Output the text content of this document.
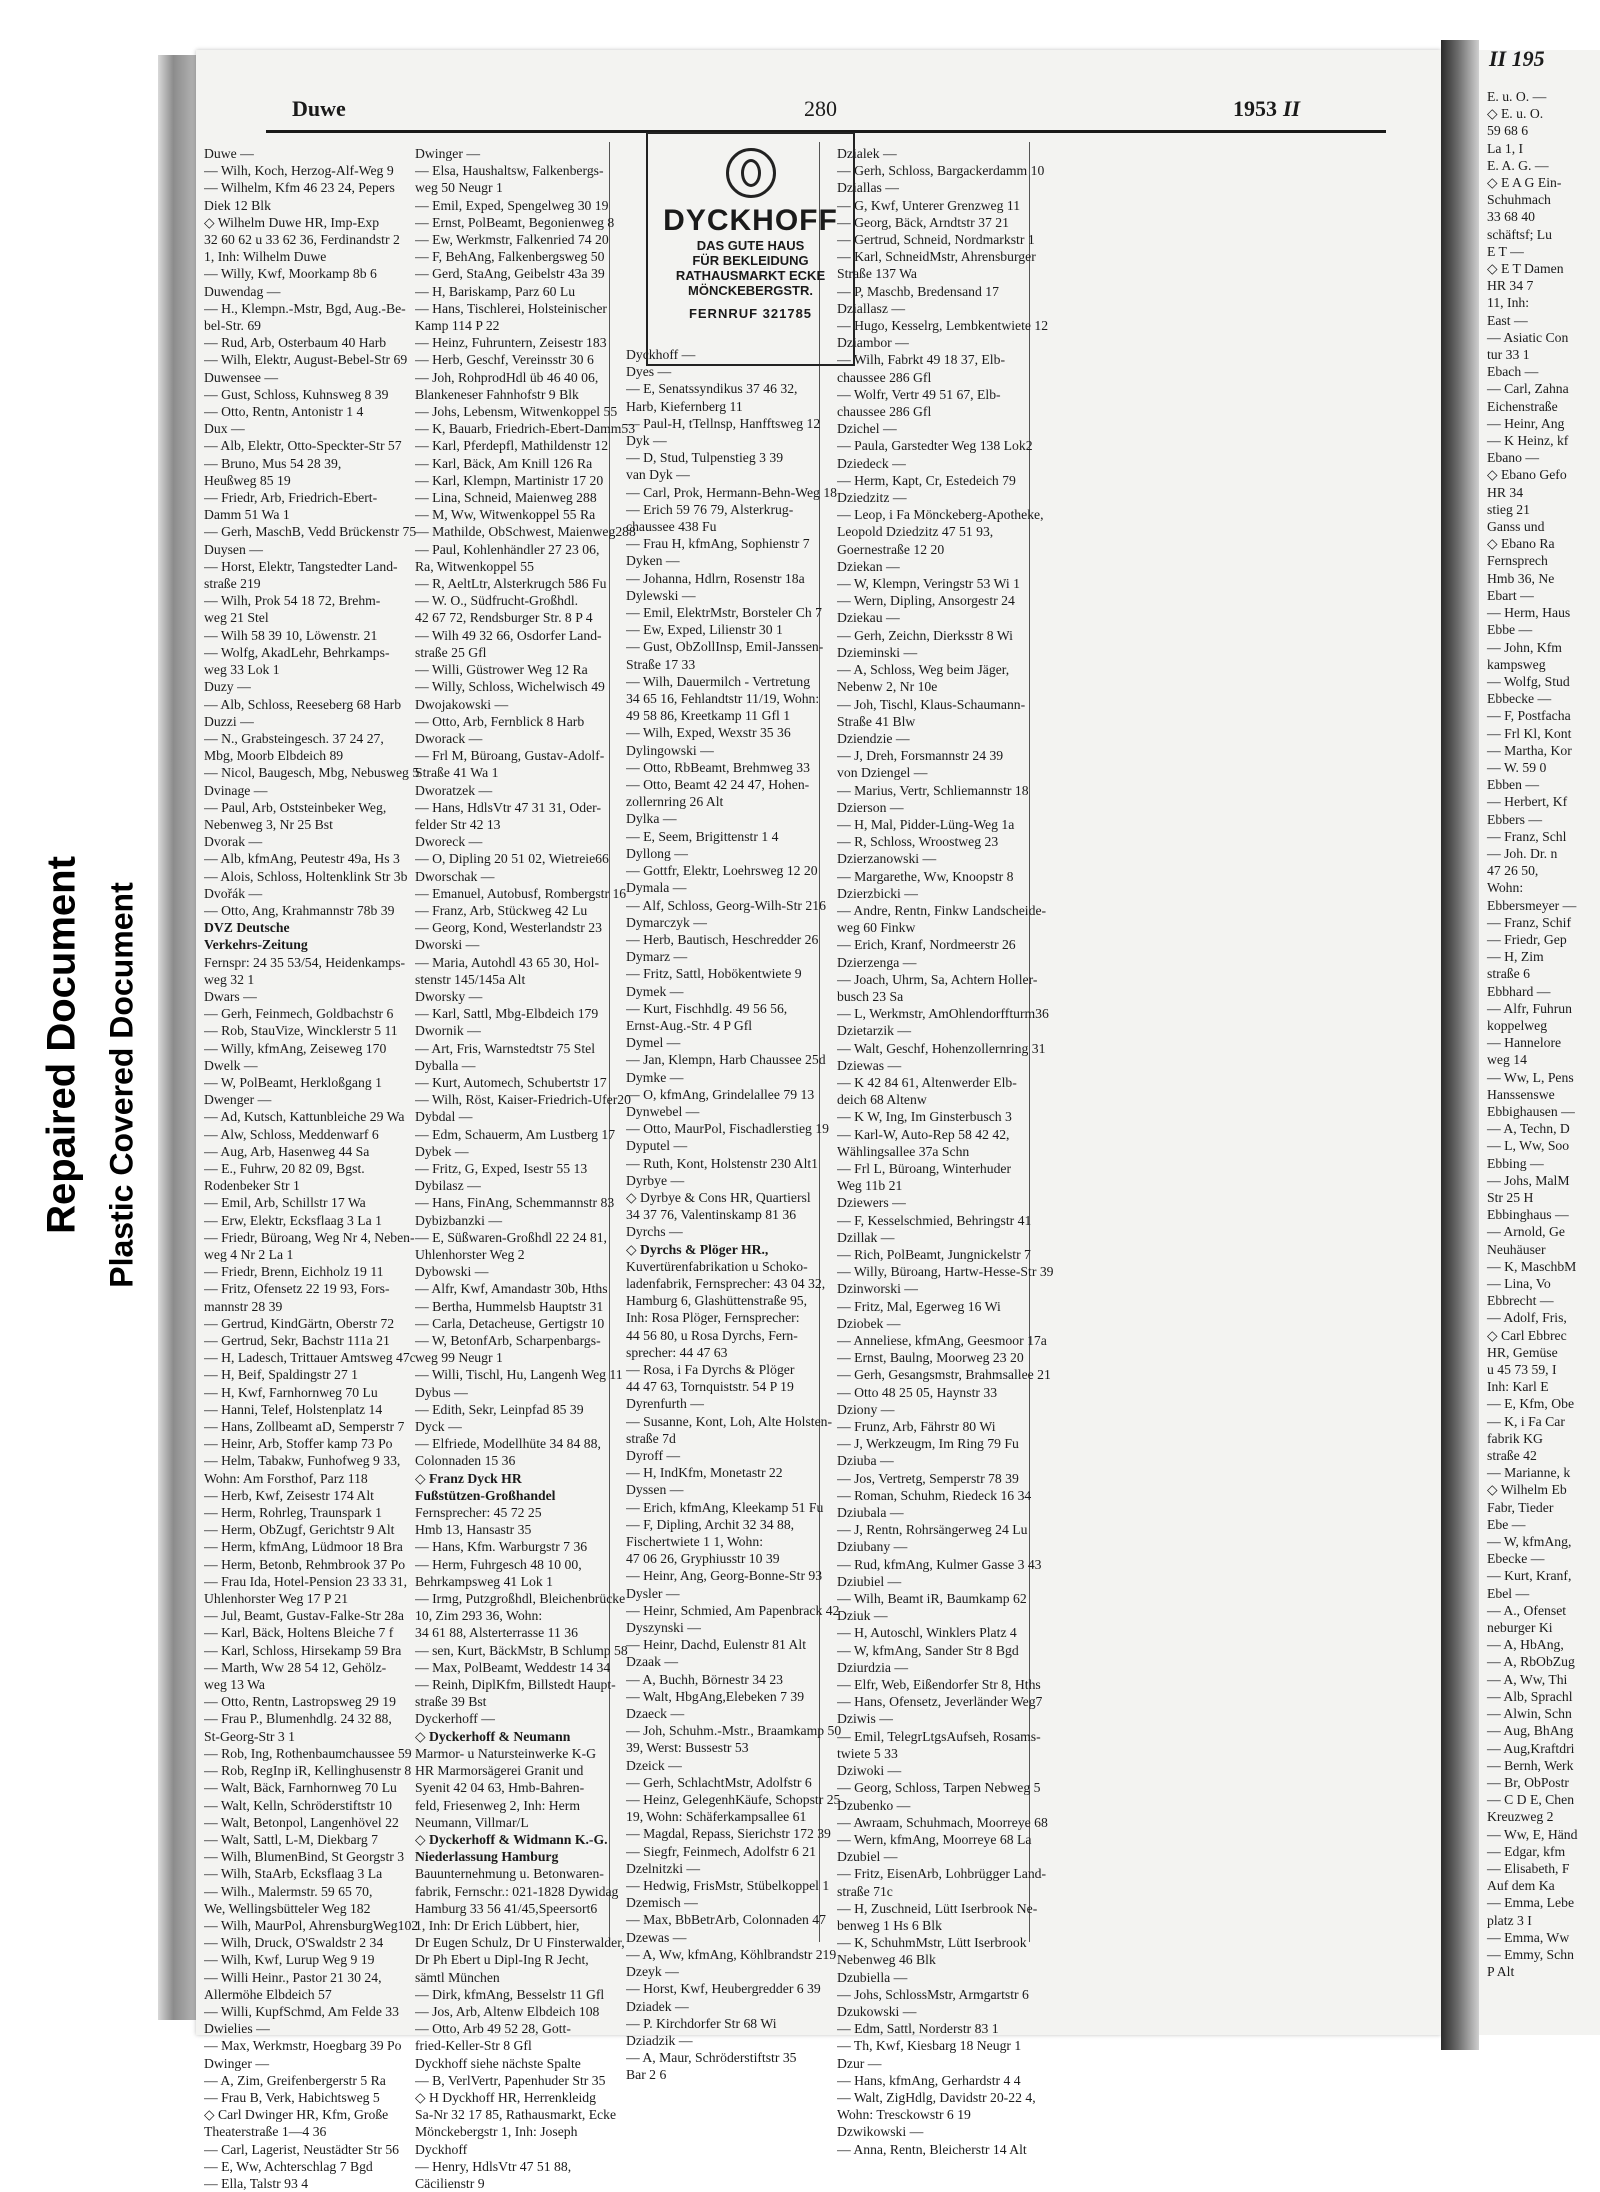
Repaired Document Plastic Covered Document
Duwe	280	1953 II
Duwe —
— Wilh, Koch, Herzog-Alf-Weg 9
— Wilhelm, Kfm 46 23 24, Pepers
Diek 12 Blk
◇ Wilhelm Duwe HR, Imp-Exp
32 60 62 u 33 62 36, Ferdinandstr 2
1, Inh: Wilhelm Duwe
— Willy, Kwf, Moorkamp 8b 6
Duwendag —
— H., Klempn.-Mstr, Bgd, Aug.-Be-
bel-Str. 69
— Rud, Arb, Osterbaum 40 Harb
— Wilh, Elektr, August-Bebel-Str 69
Duwensee —
— Gust, Schloss, Kuhnsweg 8 39
— Otto, Rentn, Antonistr 1 4
Dux —
— Alb, Elektr, Otto-Speckter-Str 57
— Bruno, Mus 54 28 39,
Heußweg 85 19
— Friedr, Arb, Friedrich-Ebert-
Damm 51 Wa 1
— Gerh, MaschB, Vedd Brückenstr 75
Duysen —
— Horst, Elektr, Tangstedter Land-
straße 219
— Wilh, Prok 54 18 72, Brehm-
weg 21 Stel
— Wilh 58 39 10, Löwenstr. 21
— Wolfg, AkadLehr, Behrkamps-
weg 33 Lok 1
Duzy —
— Alb, Schloss, Reeseberg 68 Harb
Duzzi —
— N., Grabsteingesch. 37 24 27,
Mbg, Moorb Elbdeich 89
— Nicol, Baugesch, Mbg, Nebusweg 5
Dvinage —
— Paul, Arb, Oststeinbeker Weg,
Nebenweg 3, Nr 25 Bst
Dvorak —
— Alb, kfmAng, Peutestr 49a, Hs 3
— Alois, Schloss, Holtenklink Str 3b
Dvořák —
— Otto, Ang, Krahmannstr 78b 39
DVZ Deutsche
Verkehrs-Zeitung
Fernspr: 24 35 53/54, Heidenkamps-
weg 32 1
Dwars —
— Gerh, Feinmech, Goldbachstr 6
— Rob, StauVize, Wincklerstr 5 11
— Willy, kfmAng, Zeiseweg 170
Dwelk —
— W, PolBeamt, Herkloßgang 1
Dwenger —
— Ad, Kutsch, Kattunbleiche 29 Wa
— Alw, Schloss, Meddenwarf 6
— Aug, Arb, Hasenweg 44 Sa
— E., Fuhrw, 20 82 09, Bgst.
Rodenbeker Str 1
— Emil, Arb, Schillstr 17 Wa
— Erw, Elektr, Ecksflaag 3 La 1
— Friedr, Büroang, Weg Nr 4, Neben-
weg 4 Nr 2 La 1
— Friedr, Brenn, Eichholz 19 11
— Fritz, Ofensetz 22 19 93, Fors-
mannstr 28 39
— Gertrud, KindGärtn, Oberstr 72
— Gertrud, Sekr, Bachstr 111a 21
— H, Ladesch, Trittauer Amtsweg 47c
— H, Beif, Spaldingstr 27 1
— H, Kwf, Farnhornweg 70 Lu
— Hanni, Telef, Holstenplatz 14
— Hans, Zollbeamt aD, Semperstr 7
— Heinr, Arb, Stoffer kamp 73 Po
— Helm, Tabakw, Funhofweg 9 33,
Wohn: Am Forsthof, Parz 118
— Herb, Kwf, Zeisestr 174 Alt
— Herm, Rohrleg, Traunspark 1
— Herm, ObZugf, Gerichtstr 9 Alt
— Herm, kfmAng, Lüdmoor 18 Bra
— Herm, Betonb, Rehmbrook 37 Po
— Frau Ida, Hotel-Pension 23 33 31,
Uhlenhorster Weg 17 P 21
— Jul, Beamt, Gustav-Falke-Str 28a
— Karl, Bäck, Holtens Bleiche 7 f
— Karl, Schloss, Hirsekamp 59 Bra
— Marth, Ww 28 54 12, Gehölz-
weg 13 Wa
— Otto, Rentn, Lastropsweg 29 19
— Frau P., Blumenhdlg. 24 32 88,
St-Georg-Str 3 1
— Rob, Ing, Rothenbaumchaussee 59
— Rob, RegInp iR, Kellinghusenstr 8
— Walt, Bäck, Farnhornweg 70 Lu
— Walt, Kelln, Schröderstiftstr 10
— Walt, Betonpol, Langenhövel 22
— Walt, Sattl, L-M, Diekbarg 7
— Wilh, BlumenBind, St Georgstr 3
— Wilh, StaArb, Ecksflaag 3 La
— Wilh., Malermstr. 59 65 70,
We, Wellingsbütteler Weg 182
— Wilh, MaurPol, AhrensburgWeg102
— Wilh, Druck, O'Swaldstr 2 34
— Wilh, Kwf, Lurup Weg 9 19
— Willi Heinr., Pastor 21 30 24,
Allermöhe Elbdeich 57
— Willi, KupfSchmd, Am Felde 33
Dwielies —
— Max, Werkmstr, Hoegbarg 39 Po
Dwinger —
— A, Zim, Greifenbergerstr 5 Ra
— Frau B, Verk, Habichtsweg 5
◇ Carl Dwinger HR, Kfm, Große
Theaterstraße 1—4 36
— Carl, Lagerist, Neustädter Str 56
— E, Ww, Achterschlag 7 Bgd
— Ella, Talstr 93 4
Dwinger —
— Elsa, Haushaltsw, Falkenbergs-
weg 50 Neugr 1
— Emil, Exped, Spengelweg 30 19
— Ernst, PolBeamt, Begonienweg 8
— Ew, Werkmstr, Falkenried 74 20
— F, BehAng, Falkenbergsweg 50
— Gerd, StaAng, Geibelstr 43a 39
— H, Bariskamp, Parz 60 Lu
— Hans, Tischlerei, Holsteinischer
Kamp 114 P 22
— Heinz, Fuhruntern, Zeisestr 183
— Herb, Geschf, Vereinsstr 30 6
— Joh, RohprodHdl üb 46 40 06,
Blankeneser Fahnhofstr 9 Blk
— Johs, Lebensm, Witwenkoppel 55
— K, Bauarb, Friedrich-Ebert-Damm53
— Karl, Pferdepfl, Mathildenstr 12
— Karl, Bäck, Am Knill 126 Ra
— Karl, Klempn, Martinistr 17 20
— Lina, Schneid, Maienweg 288
— M, Ww, Witwenkoppel 55 Ra
— Mathilde, ObSchwest, Maienweg288
— Paul, Kohlenhändler 27 23 06,
Ra, Witwenkoppel 55
— R, AeltLtr, Alsterkrugch 586 Fu
— W. O., Südfrucht-Großhdl.
42 67 72, Rendsburger Str. 8 P 4
— Wilh 49 32 66, Osdorfer Land-
straße 25 Gfl
— Willi, Güstrower Weg 12 Ra
— Willy, Schloss, Wichelwisch 49
Dwojakowski —
— Otto, Arb, Fernblick 8 Harb
Dworack —
— Frl M, Büroang, Gustav-Adolf-
Straße 41 Wa 1
Dworatzek —
— Hans, HdlsVtr 47 31 31, Oder-
felder Str 42 13
Dworeck —
— O, Dipling 20 51 02, Wietreie66
Dworschak —
— Emanuel, Autobusf, Rombergstr 16
— Franz, Arb, Stückweg 42 Lu
— Georg, Kond, Westerlandstr 23
Dworski —
— Maria, Autohdl 43 65 30, Hol-
stenstr 145/145a Alt
Dworsky —
— Karl, Sattl, Mbg-Elbdeich 179
Dwornik —
— Art, Fris, Warnstedtstr 75 Stel
Dyballa —
— Kurt, Automech, Schubertstr 17
— Wilh, Röst, Kaiser-Friedrich-Ufer20
Dybdal —
— Edm, Schauerm, Am Lustberg 17
Dybek —
— Fritz, G, Exped, Isestr 55 13
Dybilasz —
— Hans, FinAng, Schemmannstr 83
Dybizbanzki —
— E, Süßwaren-Großhdl 22 24 81,
Uhlenhorster Weg 2
Dybowski —
— Alfr, Kwf, Amandastr 30b, Hths
— Bertha, Hummelsb Hauptstr 31
— Carla, Detacheuse, Gertigstr 10
— W, BetonfArb, Scharpenbargs-
weg 99 Neugr 1
— Willi, Tischl, Hu, Langenh Weg 11
Dybus —
— Edith, Sekr, Leinpfad 85 39
Dyck —
— Elfriede, Modellhüte 34 84 88,
Colonnaden 15 36
◇ Franz Dyck HR
Fußstützen-Großhandel
Fernsprecher: 45 72 25
Hmb 13, Hansastr 35
— Hans, Kfm. Warburgstr 7 36
— Herm, Fuhrgesch 48 10 00,
Behrkampsweg 41 Lok 1
— Irmg, Putzgroßhdl, Bleichenbrücke
10, Zim 293 36, Wohn:
34 61 88, Alsterterrasse 11 36
— sen, Kurt, BäckMstr, B Schlump 58
— Max, PolBeamt, Weddestr 14 34
— Reinh, DiplKfm, Billstedt Haupt-
straße 39 Bst
Dyckerhoff —
◇ Dyckerhoff & Neumann
Marmor- u Natursteinwerke K-G
HR Marmorsägerei Granit und
Syenit 42 04 63, Hmb-Bahren-
feld, Friesenweg 2, Inh: Herm
Neumann, Villmar/L
◇ Dyckerhoff & Widmann K.-G.
Niederlassung Hamburg
Bauunternehmung u. Betonwaren-
fabrik, Fernschr.: 021-1828 Dywidag
Hamburg 33 56 41/45,Speersort6
1, Inh: Dr Erich Lübbert, hier,
Dr Eugen Schulz, Dr U Finsterwalder,
Dr Ph Ebert u Dipl-Ing R Jecht,
sämtl München
— Dirk, kfmAng, Besselstr 11 Gfl
— Jos, Arb, Altenw Elbdeich 108
— Otto, Arb 49 52 28, Gott-
fried-Keller-Str 8 Gfl
Dyckhoff siehe nächste Spalte
— B, VerlVertr, Papenhuder Str 35
◇ H Dyckhoff HR, Herrenkleidg
Sa-Nr 32 17 85, Rathausmarkt, Ecke
Mönckebergstr 1, Inh: Joseph
Dyckhoff
— Henry, HdlsVtr 47 51 88,
Cäcilienstr 9
Dyckhoff —
Dyes —
— E, Senatssyndikus 37 46 32,
Harb, Kiefernberg 11
— Paul-H, tTellnsp, Hanfftsweg 12
Dyk —
— D, Stud, Tulpenstieg 3 39
van Dyk —
— Carl, Prok, Hermann-Behn-Weg 18
— Erich 59 76 79, Alsterkrug-
chaussee 438 Fu
— Frau H, kfmAng, Sophienstr 7
Dyken —
— Johanna, Hdlrn, Rosenstr 18a
Dylewski —
— Emil, ElektrMstr, Borsteler Ch 7
— Ew, Exped, Lilienstr 30 1
— Gust, ObZollInsp, Emil-Janssen-
Straße 17 33
— Wilh, Dauermilch - Vertretung
34 65 16, Fehlandtstr 11/19, Wohn:
49 58 86, Kreetkamp 11 Gfl 1
— Wilh, Exped, Wexstr 35 36
Dylingowski —
— Otto, RbBeamt, Brehmweg 33
— Otto, Beamt 42 24 47, Hohen-
zollernring 26 Alt
Dylka —
— E, Seem, Brigittenstr 1 4
Dyllong —
— Gottfr, Elektr, Loehrsweg 12 20
Dymala —
— Alf, Schloss, Georg-Wilh-Str 216
Dymarczyk —
— Herb, Bautisch, Heschredder 26
Dymarz —
— Fritz, Sattl, Hobökentwiete 9
Dymek —
— Kurt, Fischhdlg. 49 56 56,
Ernst-Aug.-Str. 4 P Gfl
Dymel —
— Jan, Klempn, Harb Chaussee 25d
Dymke —
— O, kfmAng, Grindelallee 79 13
Dynwebel —
— Otto, MaurPol, Fischadlerstieg 19
Dyputel —
— Ruth, Kont, Holstenstr 230 Alt1
Dyrbye —
◇ Dyrbye & Cons HR, Quartiersl
34 37 76, Valentinskamp 81 36
Dyrchs —
◇ Dyrchs & Plöger HR.,
Kuvertürenfabrikation u Schoko-
ladenfabrik, Fernsprecher: 43 04 32,
Hamburg 6, Glashüttenstraße 95,
Inh: Rosa Plöger, Fernsprecher:
44 56 80, u Rosa Dyrchs, Fern-
sprecher: 44 47 63
— Rosa, i Fa Dyrchs & Plöger
44 47 63, Tornquiststr. 54 P 19
Dyrenfurth —
— Susanne, Kont, Loh, Alte Holsten-
straße 7d
Dyroff —
— H, IndKfm, Monetastr 22
Dyssen —
— Erich, kfmAng, Kleekamp 51 Fu
— F, Dipling, Archit 32 34 88,
Fischertwiete 1 1, Wohn:
47 06 26, Gryphiusstr 10 39
— Heinr, Ang, Georg-Bonne-Str 93
Dysler —
— Heinr, Schmied, Am Papenbrack 42
Dyszynski —
— Heinr, Dachd, Eulenstr 81 Alt
Dzaak —
— A, Buchh, Börnestr 34 23
— Walt, HbgAng,Elebeken 7 39
Dzaeck —
— Joh, Schuhm.-Mstr., Braamkamp 50
39, Werst: Bussestr 53
Dzeick —
— Gerh, SchlachtMstr, Adolfstr 6
— Heinz, GelegenhKäufe, Schopstr 25
19, Wohn: Schäferkampsallee 61
— Magdal, Repass, Sierichstr 172 39
— Siegfr, Feinmech, Adolfstr 6 21
Dzelnitzki —
— Hedwig, FrisMstr, Stübelkoppel 1
Dzemisch —
— Max, BbBetrArb, Colonnaden 47
Dzewas —
— A, Ww, kfmAng, Köhlbrandstr 219
Dzeyk —
— Horst, Kwf, Heubergredder 6 39
Dziadek —
— P. Kirchdorfer Str 68 Wi
Dziadzik —
— A, Maur, Schröderstiftstr 35
Bar 2 6
Dzialek —
— Gerh, Schloss, Bargackerdamm 10
Dziallas —
— G, Kwf, Unterer Grenzweg 11
— Georg, Bäck, Arndtstr 37 21
— Gertrud, Schneid, Nordmarkstr 1
— Karl, SchneidMstr, Ahrensburger
Straße 137 Wa
— P, Maschb, Bredensand 17
Dziallasz —
— Hugo, Kesselrg, Lembkentwiete 12
Dziambor —
— Wilh, Fabrkt 49 18 37, Elb-
chaussee 286 Gfl
— Wolfr, Vertr 49 51 67, Elb-
chaussee 286 Gfl
Dzichel —
— Paula, Garstedter Weg 138 Lok2
Dziedeck —
— Herm, Kapt, Cr, Estedeich 79
Dziedzitz —
— Leop, i Fa Mönckeberg-Apotheke,
Leopold Dziedzitz 47 51 93,
Goernestraße 12 20
Dziekan —
— W, Klempn, Veringstr 53 Wi 1
— Wern, Dipling, Ansorgestr 24
Dziekau —
— Gerh, Zeichn, Dierksstr 8 Wi
Dzieminski —
— A, Schloss, Weg beim Jäger,
Nebenw 2, Nr 10e
— Joh, Tischl, Klaus-Schaumann-
Straße 41 Blw
Dziendzie —
— J, Dreh, Forsmannstr 24 39
von Dziengel —
— Marius, Vertr, Schliemannstr 18
Dzierson —
— H, Mal, Pidder-Lüng-Weg 1a
— R, Schloss, Wroostweg 23
Dzierzanowski —
— Margarethe, Ww, Knoopstr 8
Dzierzbicki —
— Andre, Rentn, Finkw Landscheide-
weg 60 Finkw
— Erich, Kranf, Nordmeerstr 26
Dzierzenga —
— Joach, Uhrm, Sa, Achtern Holler-
busch 23 Sa
— L, Werkmstr, AmOhlendorffturm36
Dzietarzik —
— Walt, Geschf, Hohenzollernring 31
Dziewas —
— K 42 84 61, Altenwerder Elb-
deich 68 Altenw
— K W, Ing, Im Ginsterbusch 3
— Karl-W, Auto-Rep 58 42 42,
Wählingsallee 37a Schn
— Frl L, Büroang, Winterhuder
Weg 11b 21
Dziewers —
— F, Kesselschmied, Behringstr 41
Dzillak —
— Rich, PolBeamt, Jungnickelstr 7
— Willy, Büroang, Hartw-Hesse-Str 39
Dzinworski —
— Fritz, Mal, Egerweg 16 Wi
Dziobek —
— Anneliese, kfmAng, Geesmoor 17a
— Ernst, Baulng, Moorweg 23 20
— Gerh, Gesangsmstr, Brahmsallee 21
— Otto 48 25 05, Haynstr 33
Dziony —
— Frunz, Arb, Fährstr 80 Wi
— J, Werkzeugm, Im Ring 79 Fu
Dziuba —
— Jos, Vertretg, Semperstr 78 39
— Roman, Schuhm, Riedeck 16 34
Dziubala —
— J, Rentn, Rohrsängerweg 24 Lu
Dziubany —
— Rud, kfmAng, Kulmer Gasse 3 43
Dziubiel —
— Wilh, Beamt iR, Baumkamp 62
Dziuk —
— H, Autoschl, Winklers Platz 4
— W, kfmAng, Sander Str 8 Bgd
Dziurdzia —
— Elfr, Web, Eißendorfer Str 8, Hths
— Hans, Ofensetz, Jeverländer Weg7
Dziwis —
— Emil, TelegrLtgsAufseh, Rosams-
twiete 5 33
Dziwoki —
— Georg, Schloss, Tarpen Nebweg 5
Dzubenko —
— Awraam, Schuhmach, Moorreye 68
— Wern, kfmAng, Moorreye 68 La
Dzubiel —
— Fritz, EisenArb, Lohbrügger Land-
straße 71c
— H, Zuschneid, Lütt Iserbrook Ne-
benweg 1 Hs 6 Blk
— K, SchuhmMstr, Lütt Iserbrook
Nebenweg 46 Blk
Dzubiella —
— Johs, SchlossMstr, Armgartstr 6
Dzukowski —
— Edm, Sattl, Norderstr 83 1
— Th, Kwf, Kiesbarg 18 Neugr 1
Dzur —
— Hans, kfmAng, Gerhardstr 4 4
— Walt, ZigHdlg, Davidstr 20-22 4,
Wohn: Tresckowstr 6 19
Dzwikowski —
— Anna, Rentn, Bleicherstr 14 Alt
DYCKHOFF
DAS GUTE HAUS
FÜR BEKLEIDUNG
RATHAUSMARKT ECKE
MÖNCKEBERGSTR.
FERNRUF 321785
II 195
E. u. O. —
◇ E. u. O.
59 68 6
La 1, I
E. A. G. —
◇ E A G Ein-
Schuhmach
33 68 40
schäftsf; Lu
E T —
◇ E T Damen
HR 34 7
11, Inh:
East —
— Asiatic Con
tur 33 1
Ebach —
— Carl, Zahna
Eichenstraße
— Heinr, Ang
— K Heinz, kf
Ebano —
◇ Ebano Gefo
HR 34
stieg 21
Ganss und
◇ Ebano Ra
Fernsprech
Hmb 36, Ne
Ebart —
— Herm, Haus
Ebbe —
— John, Kfm
kampsweg
— Wolfg, Stud
Ebbecke —
— F, Postfacha
— Frl Kl, Kont
— Martha, Kor
— W. 59 0
Ebben —
— Herbert, Kf
Ebbers —
— Franz, Schl
— Joh. Dr. n
47 26 50,
Wohn:
Ebbersmeyer —
— Franz, Schif
— Friedr, Gep
— H, Zim
straße 6
Ebbhard —
— Alfr, Fuhrun
koppelweg
— Hannelore
weg 14
— Ww, L, Pens
Hanssenswe
Ebbighausen —
— A, Techn, D
— L, Ww, Soo
Ebbing —
— Johs, MalM
Str 25 H
Ebbinghaus —
— Arnold, Ge
Neuhäuser
— K, MaschbM
— Lina, Vo
Ebbrecht —
— Adolf, Fris,
◇ Carl Ebbrec
HR, Gemüse
u 45 73 59, I
Inh: Karl E
— E, Kfm, Obe
— K, i Fa Car
fabrik KG
straße 42
— Marianne, k
◇ Wilhelm Eb
Fabr, Tieder
Ebe —
— W, kfmAng,
Ebecke —
— Kurt, Kranf,
Ebel —
— A., Ofenset
neburger Ki
— A, HbAng,
— A, RbObZug
— A, Ww, Thi
— Alb, Sprachl
— Alwin, Schn
— Aug, BhAng
— Aug,Kraftdri
— Bernh, Werk
— Br, ObPostr
— C D E, Chen
Kreuzweg 2
— Ww, E, Händ
— Edgar, kfm
— Elisabeth, F
Auf dem Ka
— Emma, Lebe
platz 3 I
— Emma, Ww
— Emmy, Schn
P Alt
